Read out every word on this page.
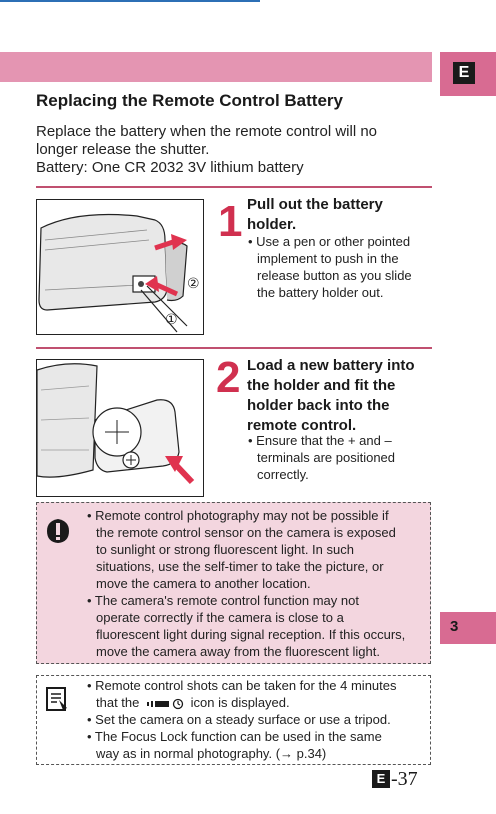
E
Replacing the Remote Control Battery
Replace the battery when the remote control will no
longer release the shutter.
Battery: One CR 2032 3V lithium battery
②
①
1 Pull out the battery
holder.
• Use a pen or other pointed
implement to push in the
release button as you slide
the battery holder out.
2 Load a new battery into
the holder and fit the
holder back into the
remote control.
• Ensure that the + and –
terminals are positioned
correctly.
• Remote control photography may not be possible if
the remote control sensor on the camera is exposed
to sunlight or strong fluorescent light. In such
situations, use the self-timer to take the picture, or
move the camera to another location.
• The camera's remote control function may not
operate correctly if the camera is close to a
fluorescent light during signal reception. If this occurs,
move the camera away from the fluorescent light.
3
• Remote control shots can be taken for the 4 minutes
that the	icon is displayed.
• Set the camera on a steady surface or use a tripod.
• The Focus Lock function can be used in the same
way as in normal photography. (→ p.34)
E -37
